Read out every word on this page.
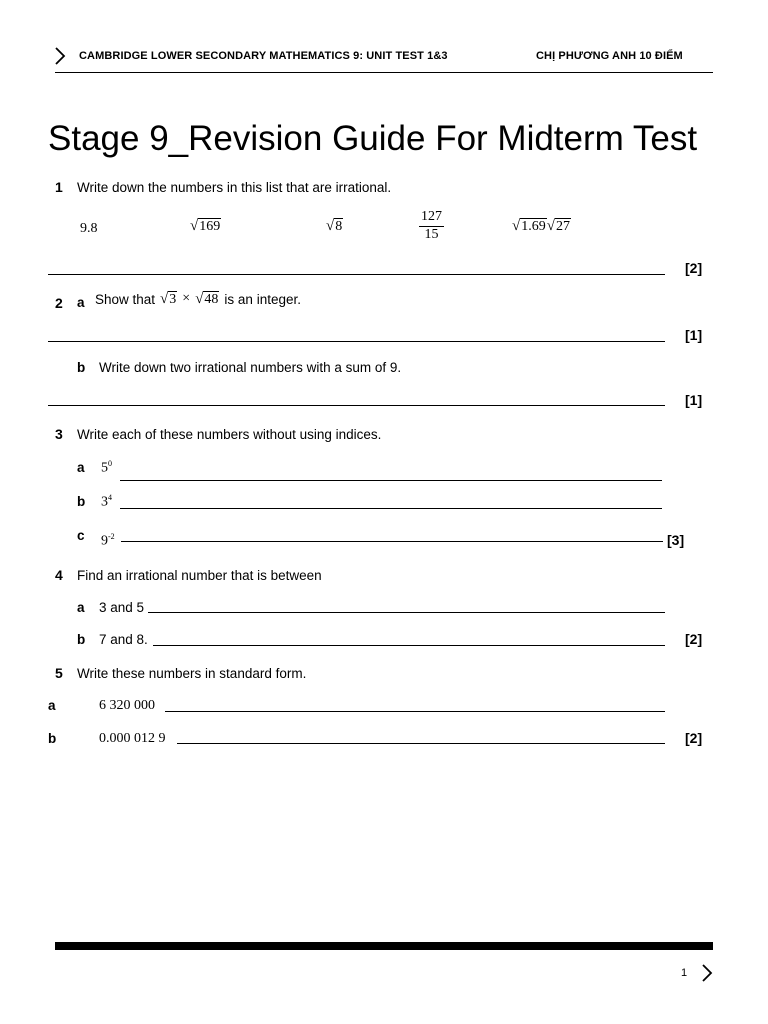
CAMBRIDGE LOWER SECONDARY MATHEMATICS 9: UNIT TEST 1&3	CHỊ PHƯƠNG ANH 10 ĐIỂM
Stage 9_Revision Guide For Midterm Test
1 Write down the numbers in this list that are irrational.
9.8	√ 169	√ 8	$\frac{127}{15}$	√ 1.69 √ 27
[2]
2 a Show that √ 3 × √ 48 is an integer.
[1]
b Write down two irrational numbers with a sum of 9.
[1]
3 Write each of these numbers without using indices.
a $5^0$
b $3^4$
c $9^{-2}$	[3]
4 Find an irrational number that is between
a 3 and 5
b 7 and 8.	[2]
5 Write these numbers in standard form.
a	6 320 000
b	0.000 012 9	[2]
1
